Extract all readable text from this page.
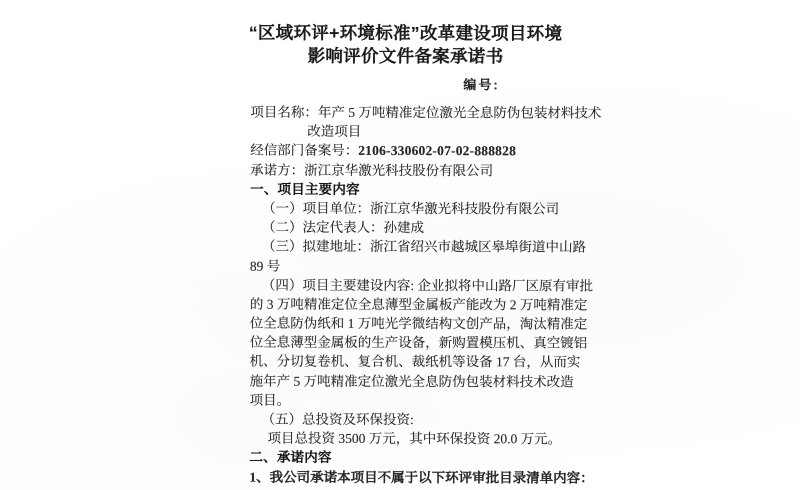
“区域环评+环境标准”改革建设项目环境
影响评价文件备案承诺书
编号:
项目名称：年产 5 万吨精准定位激光全息防伪包装材料技术
改造项目
经信部门备案号：2106-330602-07-02-888828
承诺方：浙江京华激光科技股份有限公司
一、项目主要内容
（一）项目单位：浙江京华激光科技股份有限公司
（二）法定代表人：孙建成
（三）拟建地址：浙江省绍兴市越城区皋埠街道中山路
89 号
（四）项目主要建设内容: 企业拟将中山路厂区原有审批
的 3 万吨精准定位全息薄型金属板产能改为 2 万吨精准定
位全息防伪纸和 1 万吨光学微结构文创产品，淘汰精准定
位全息薄型金属板的生产设备，新购置模压机、真空镀铝
机、分切复卷机、复合机、裁纸机等设备 17 台，从而实
施年产 5 万吨精准定位激光全息防伪包装材料技术改造
项目。
（五）总投资及环保投资:
项目总投资 3500 万元，其中环保投资 20.0 万元。
二、承诺内容
1、我公司承诺本项目不属于以下环评审批目录清单内容：
